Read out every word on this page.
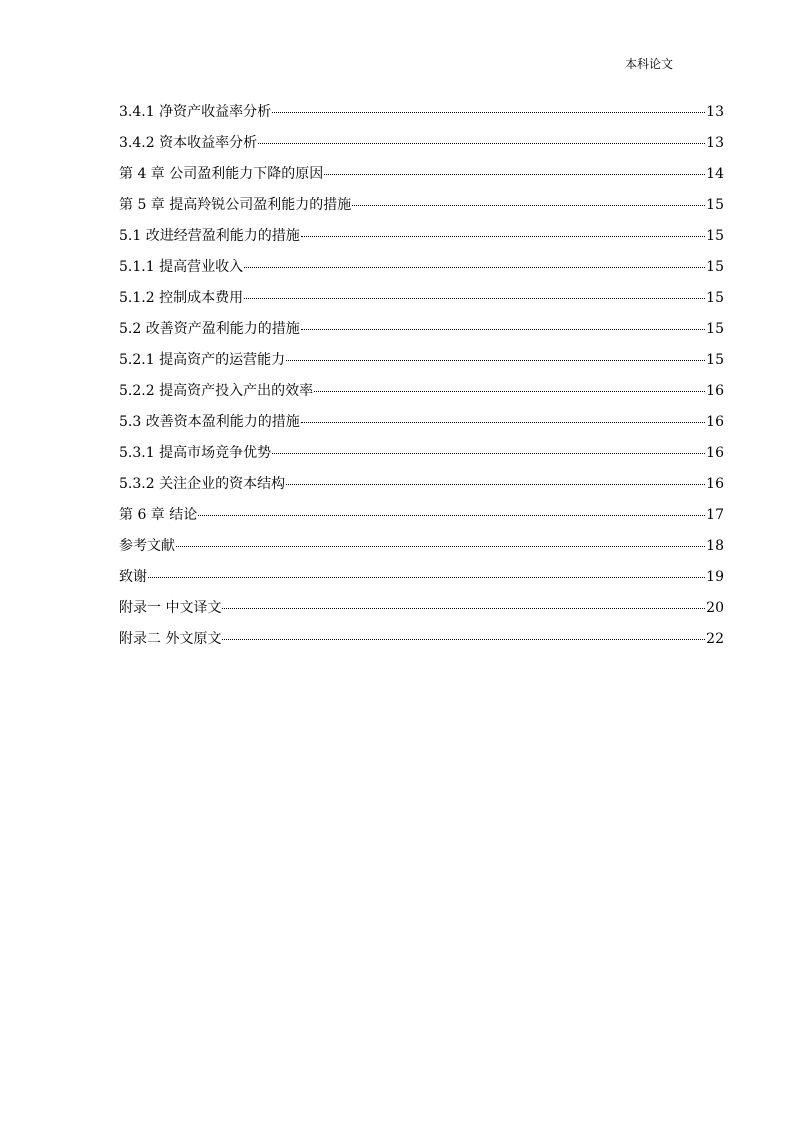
本科论文
3.4.1 净资产收益率分析	13
3.4.2 资本收益率分析	13
第 4 章 公司盈利能力下降的原因	14
第 5 章 提高羚锐公司盈利能力的措施	15
5.1 改进经营盈利能力的措施	15
5.1.1 提高营业收入	15
5.1.2 控制成本费用	15
5.2 改善资产盈利能力的措施	15
5.2.1 提高资产的运营能力	15
5.2.2 提高资产投入产出的效率	16
5.3 改善资本盈利能力的措施	16
5.3.1 提高市场竞争优势	16
5.3.2 关注企业的资本结构	16
第 6 章 结论	17
参考文献	18
致谢	19
附录一 中文译文	20
附录二 外文原文	22
